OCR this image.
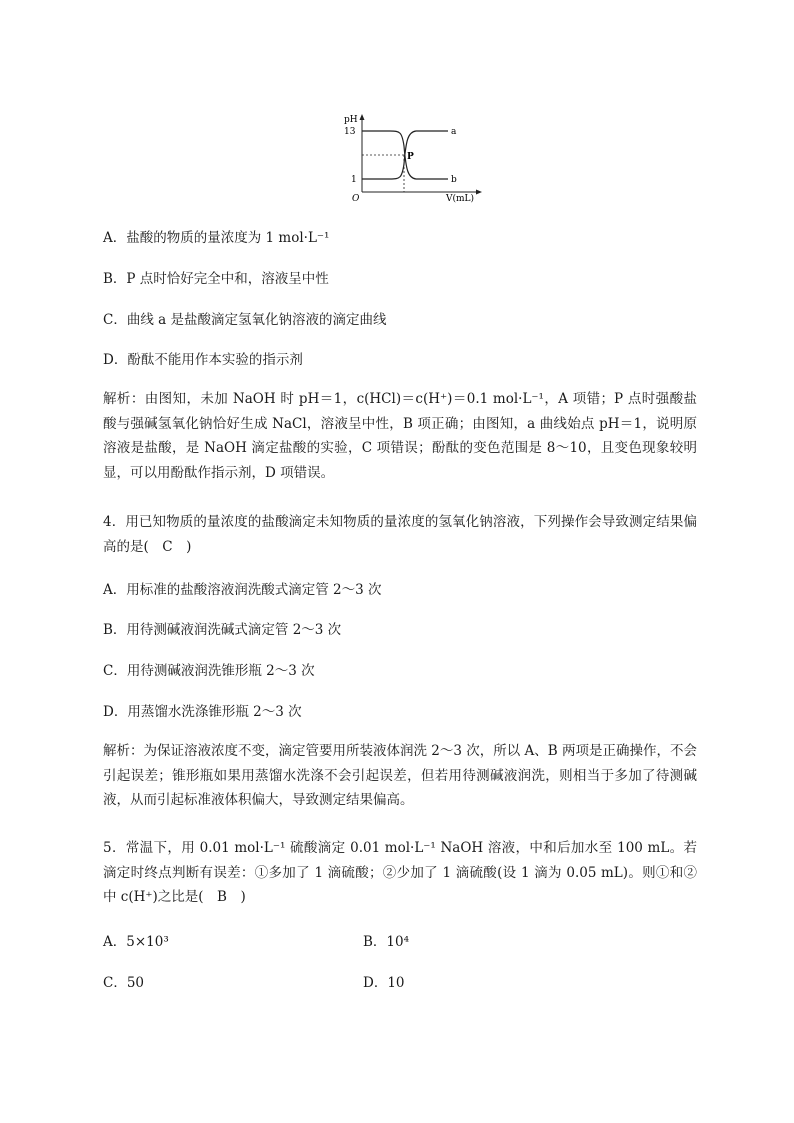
pH
13
1
O	V(mL)
a
b
P
A．盐酸的物质的量浓度为 1 mol·L⁻¹
B．P 点时恰好完全中和，溶液呈中性
C．曲线 a 是盐酸滴定氢氧化钠溶液的滴定曲线
D．酚酞不能用作本实验的指示剂

解析：由图知，未加 NaOH 时 pH＝1，c(HCl)＝c(H⁺)＝0.1 mol·L⁻¹，A 项错；P 点时强酸盐酸与强碱氢氧化钠恰好生成 NaCl，溶液呈中性，B 项正确；由图知，a 曲线始点 pH＝1，说明原溶液是盐酸，是 NaOH 滴定盐酸的实验，C 项错误；酚酞的变色范围是 8～10，且变色现象较明显，可以用酚酞作指示剂，D 项错误。

4．用已知物质的量浓度的盐酸滴定未知物质的量浓度的氢氧化钠溶液，下列操作会导致测定结果偏高的是(　C　)

A．用标准的盐酸溶液润洗酸式滴定管 2～3 次
B．用待测碱液润洗碱式滴定管 2～3 次
C．用待测碱液润洗锥形瓶 2～3 次
D．用蒸馏水洗涤锥形瓶 2～3 次

解析：为保证溶液浓度不变，滴定管要用所装液体润洗 2～3 次，所以 A、B 两项是正确操作，不会引起误差；锥形瓶如果用蒸馏水洗涤不会引起误差，但若用待测碱液润洗，则相当于多加了待测碱液，从而引起标准液体积偏大，导致测定结果偏高。

5．常温下，用 0.01 mol·L⁻¹ 硫酸滴定 0.01 mol·L⁻¹ NaOH 溶液，中和后加水至 100 mL。若滴定时终点判断有误差：①多加了 1 滴硫酸；②少加了 1 滴硫酸(设 1 滴为 0.05 mL)。则①和②中 c(H⁺)之比是(　B　)

A．5×10³	B．10⁴
C．50	D．10
